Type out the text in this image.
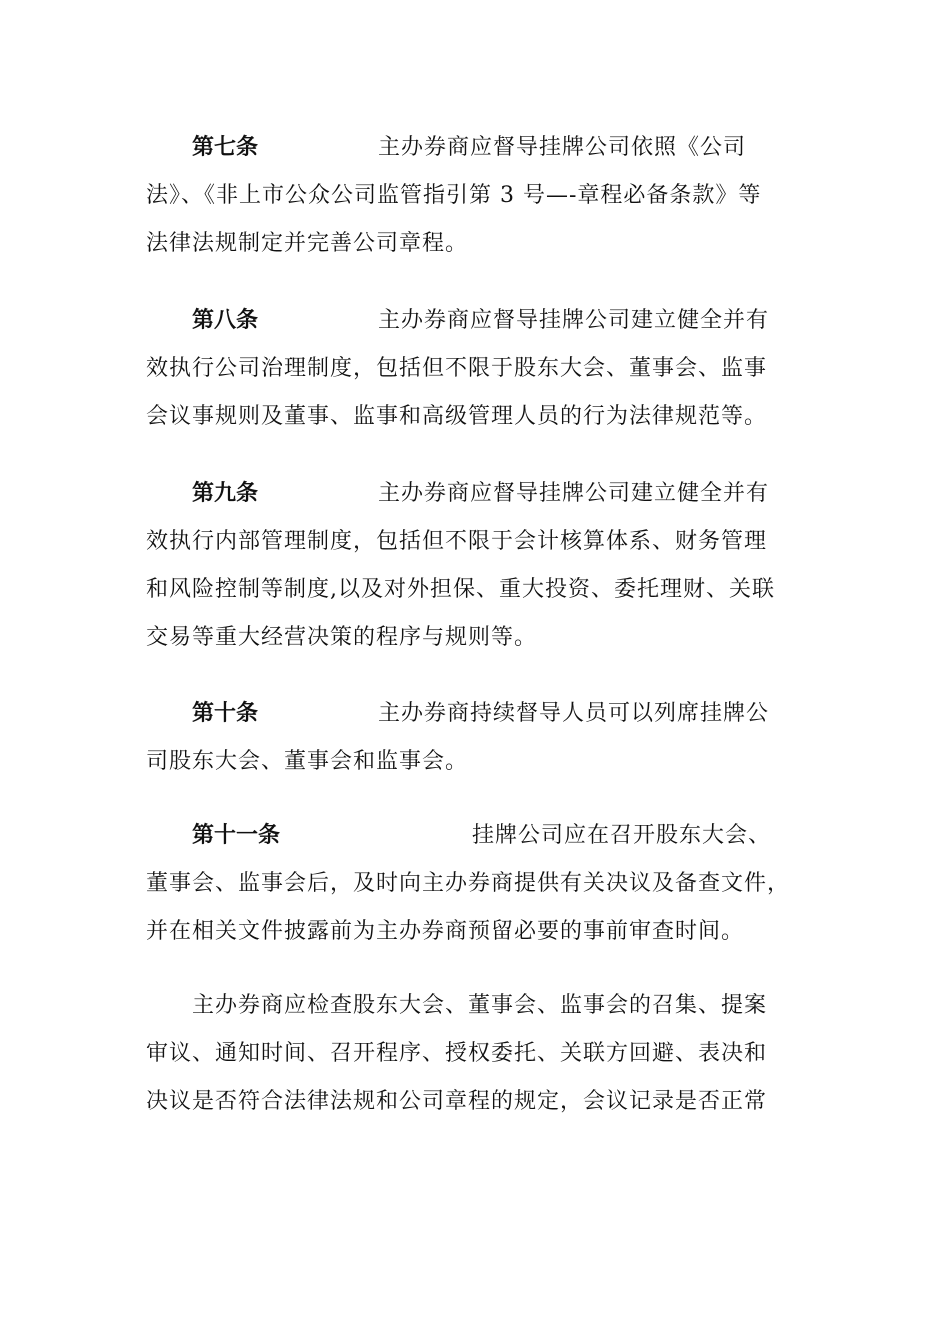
第七条	主办券商应督导挂牌公司依照《公司
法》、《非上市公众公司监管指引第 3 号—-章程必备条款》等
法律法规制定并完善公司章程。
第八条	主办券商应督导挂牌公司建立健全并有
效执行公司治理制度，包括但不限于股东大会、董事会、监事
会议事规则及董事、监事和高级管理人员的行为法律规范等。
第九条	主办券商应督导挂牌公司建立健全并有
效执行内部管理制度，包括但不限于会计核算体系、财务管理
和风险控制等制度,以及对外担保、重大投资、委托理财、关联
交易等重大经营决策的程序与规则等。
第十条	主办券商持续督导人员可以列席挂牌公
司股东大会、董事会和监事会。
第十一条	挂牌公司应在召开股东大会、
董事会、监事会后，及时向主办券商提供有关决议及备查文件，
并在相关文件披露前为主办券商预留必要的事前审查时间。
主办券商应检查股东大会、董事会、监事会的召集、提案
审议、通知时间、召开程序、授权委托、关联方回避、表决和
决议是否符合法律法规和公司章程的规定，会议记录是否正常
